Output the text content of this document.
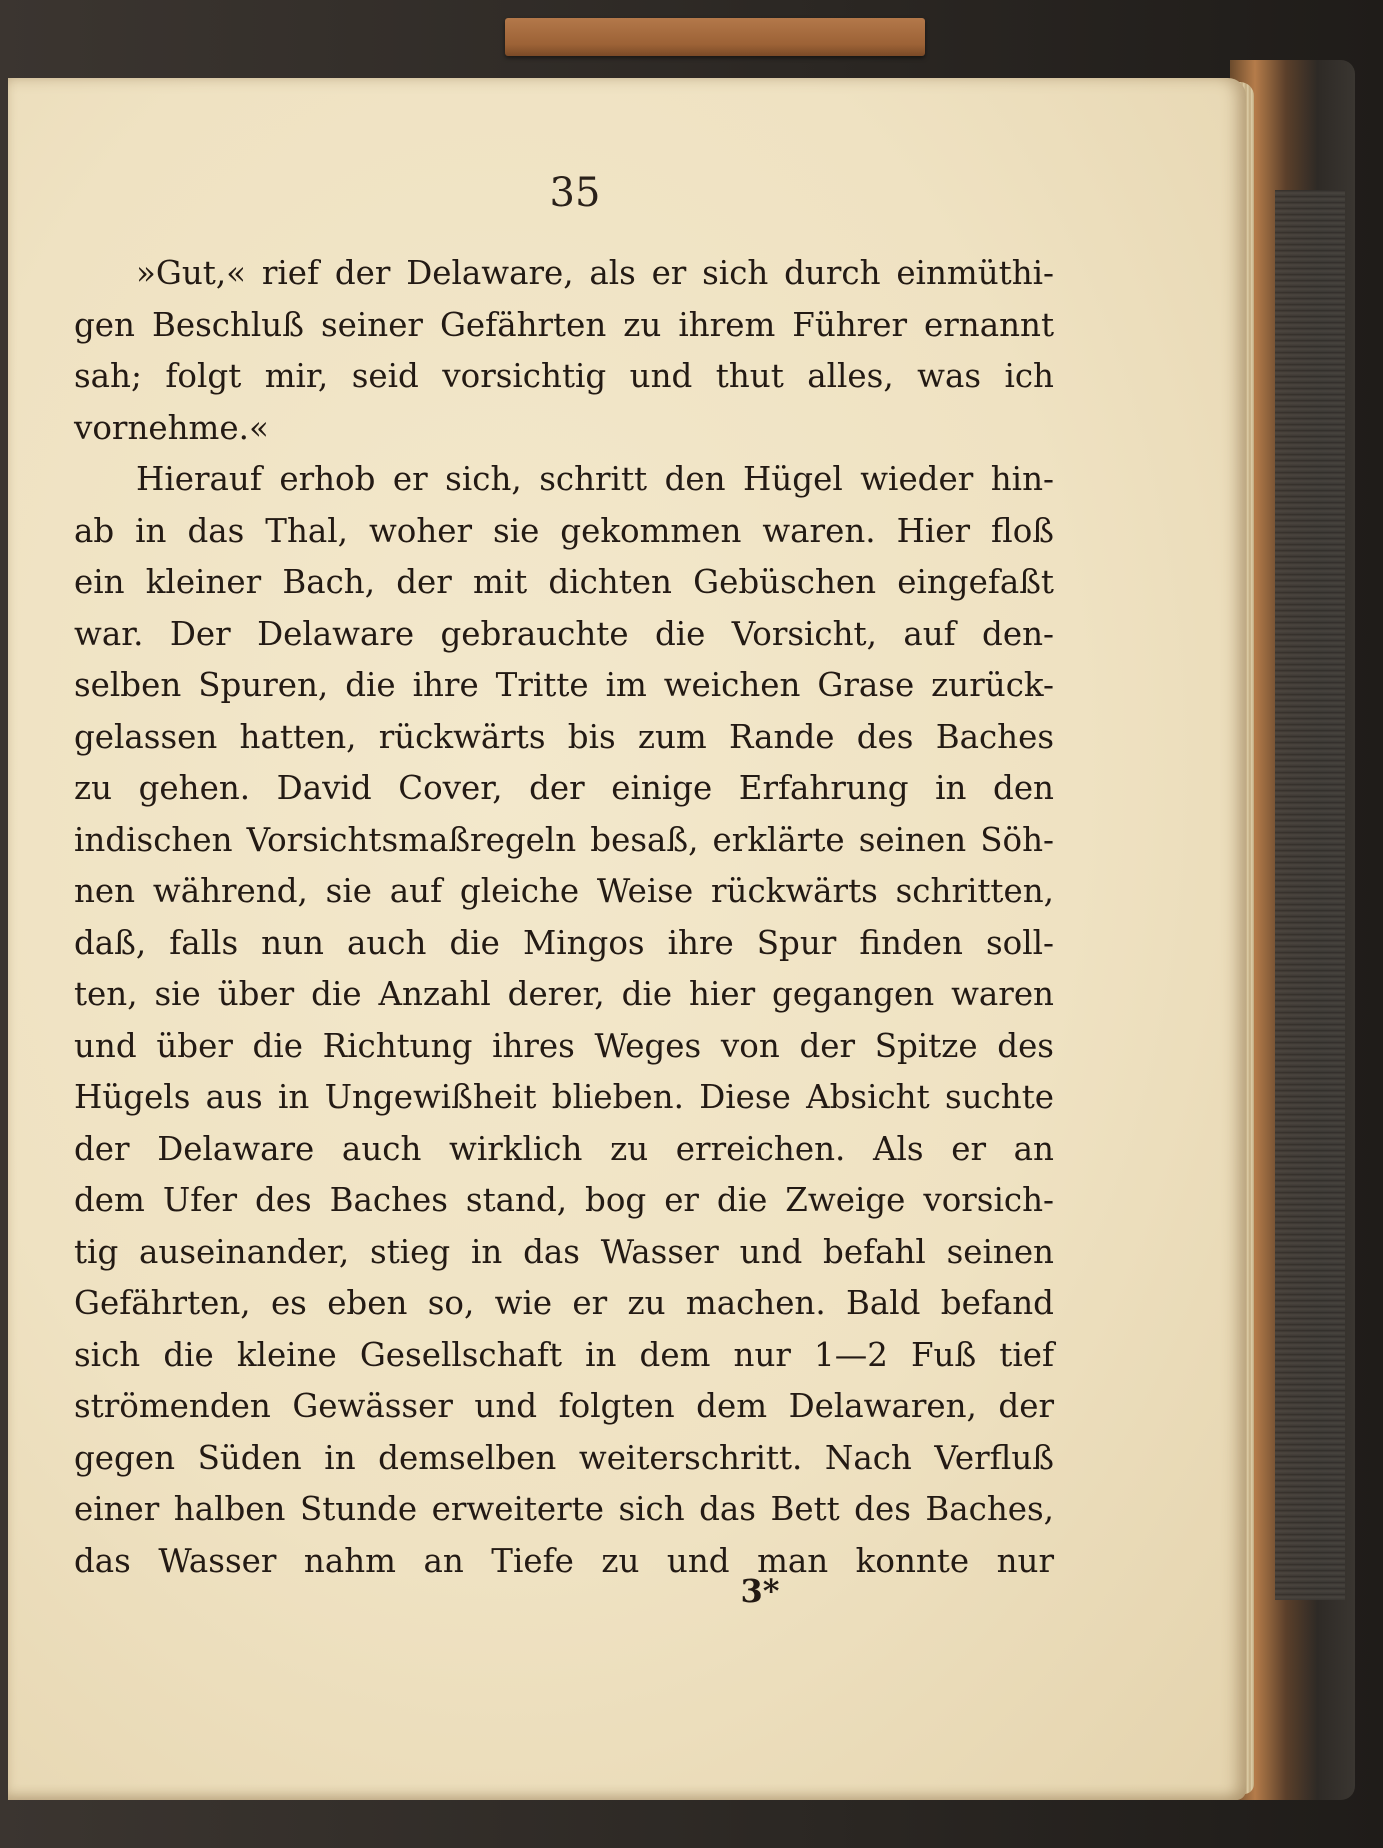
35
»Gut,« rief der Delaware, als er sich durch einmüthi-
gen Beschluß seiner Gefährten zu ihrem Führer ernannt
sah; folgt mir, seid vorsichtig und thut alles, was ich
vornehme.«
Hierauf erhob er sich, schritt den Hügel wieder hin-
ab in das Thal, woher sie gekommen waren. Hier floß
ein kleiner Bach, der mit dichten Gebüschen eingefaßt
war. Der Delaware gebrauchte die Vorsicht, auf den-
selben Spuren, die ihre Tritte im weichen Grase zurück-
gelassen hatten, rückwärts bis zum Rande des Baches
zu gehen. David Cover, der einige Erfahrung in den
indischen Vorsichtsmaßregeln besaß, erklärte seinen Söh-
nen während, sie auf gleiche Weise rückwärts schritten,
daß, falls nun auch die Mingos ihre Spur finden soll-
ten, sie über die Anzahl derer, die hier gegangen waren
und über die Richtung ihres Weges von der Spitze des
Hügels aus in Ungewißheit blieben. Diese Absicht suchte
der Delaware auch wirklich zu erreichen. Als er an
dem Ufer des Baches stand, bog er die Zweige vorsich-
tig auseinander, stieg in das Wasser und befahl seinen
Gefährten, es eben so, wie er zu machen. Bald befand
sich die kleine Gesellschaft in dem nur 1—2 Fuß tief
strömenden Gewässer und folgten dem Delawaren, der
gegen Süden in demselben weiterschritt. Nach Verfluß
einer halben Stunde erweiterte sich das Bett des Baches,
das Wasser nahm an Tiefe zu und man konnte nur
3*
